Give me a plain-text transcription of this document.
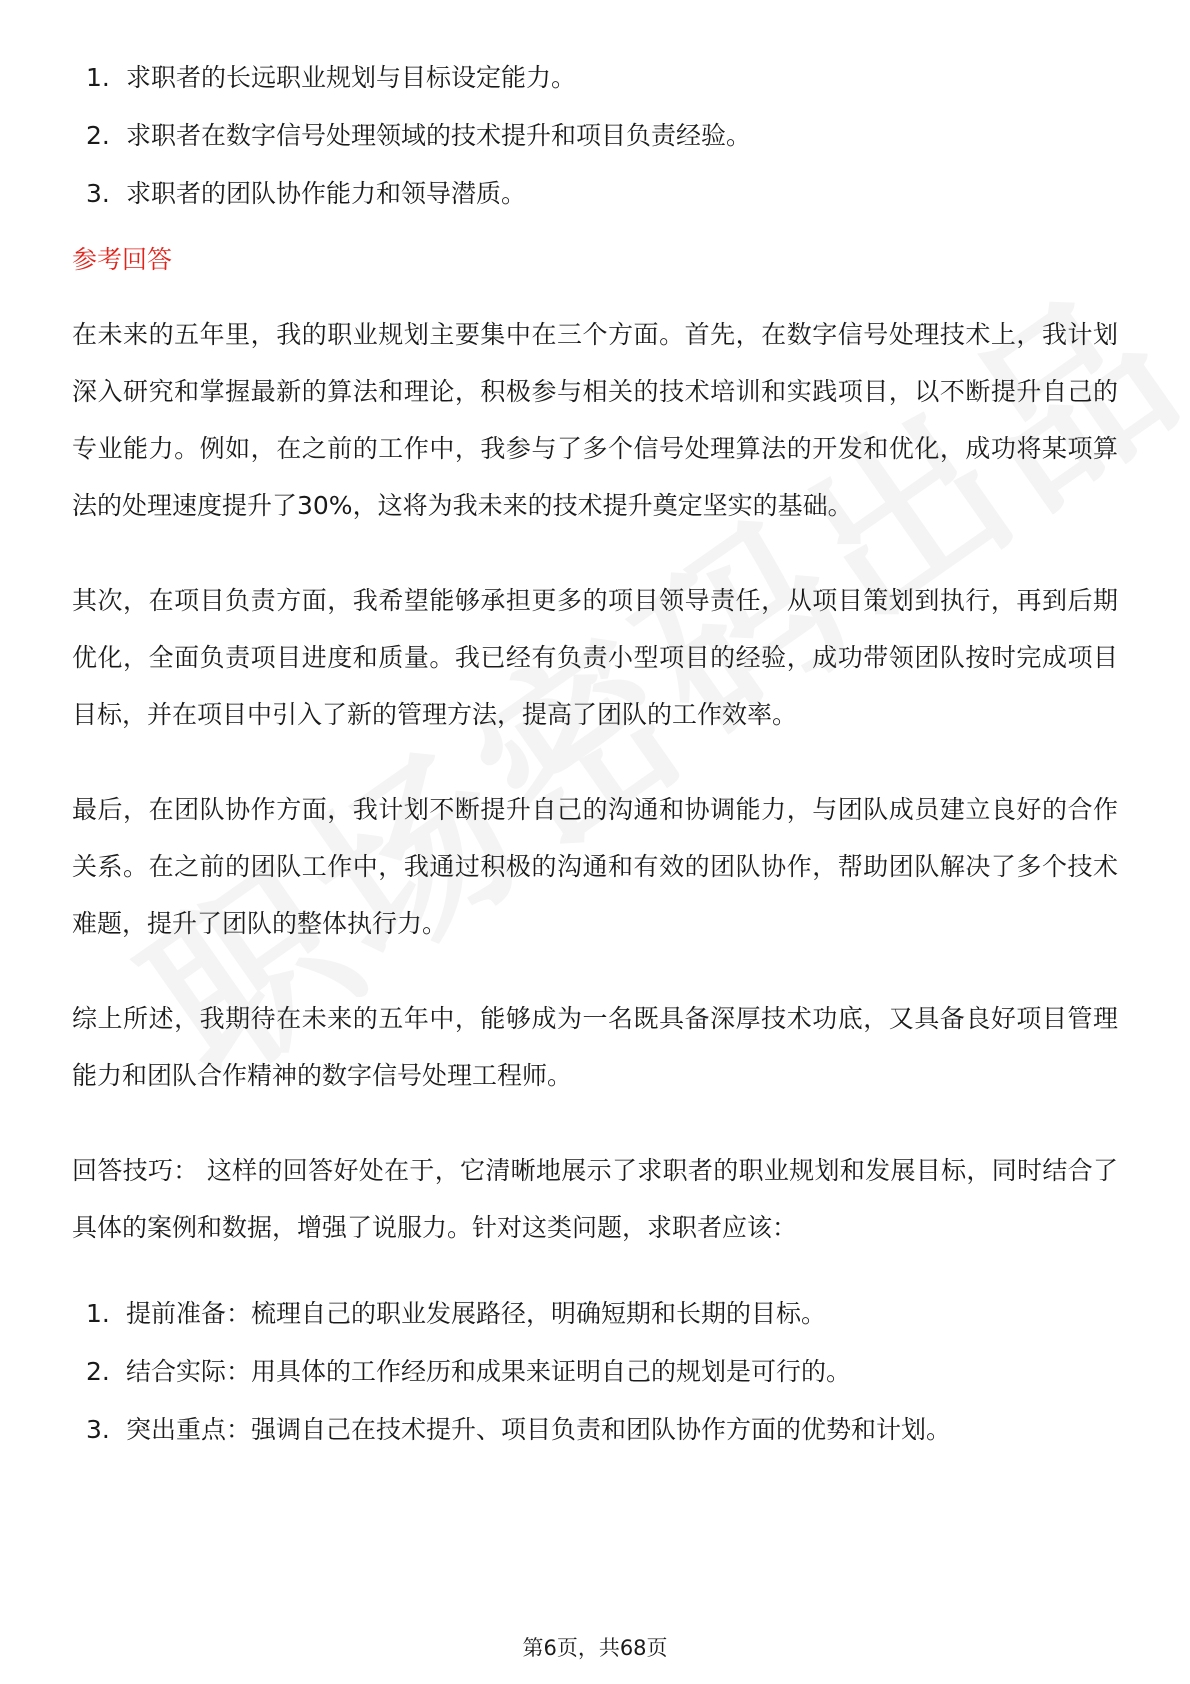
1. 求职者的长远职业规划与目标设定能力。
2. 求职者在数字信号处理领域的技术提升和项目负责经验。
3. 求职者的团队协作能力和领导潜质。
参考回答

在未来的五年里，我的职业规划主要集中在三个方面。首先，在数字信号处理技术上，我计划深入研究和掌握最新的算法和理论，积极参与相关的技术培训和实践项目，以不断提升自己的专业能力。例如，在之前的工作中，我参与了多个信号处理算法的开发和优化，成功将某项算法的处理速度提升了30%，这将为我未来的技术提升奠定坚实的基础。

其次，在项目负责方面，我希望能够承担更多的项目领导责任，从项目策划到执行，再到后期优化，全面负责项目进度和质量。我已经有负责小型项目的经验，成功带领团队按时完成项目目标，并在项目中引入了新的管理方法，提高了团队的工作效率。

最后，在团队协作方面，我计划不断提升自己的沟通和协调能力，与团队成员建立良好的合作关系。在之前的团队工作中，我通过积极的沟通和有效的团队协作，帮助团队解决了多个技术难题，提升了团队的整体执行力。

综上所述，我期待在未来的五年中，能够成为一名既具备深厚技术功底，又具备良好项目管理能力和团队合作精神的数字信号处理工程师。

回答技巧： 这样的回答好处在于，它清晰地展示了求职者的职业规划和发展目标，同时结合了具体的案例和数据，增强了说服力。针对这类问题，求职者应该：

1. 提前准备：梳理自己的职业发展路径，明确短期和长期的目标。
2. 结合实际：用具体的工作经历和成果来证明自己的规划是可行的。
3. 突出重点：强调自己在技术提升、项目负责和团队协作方面的优势和计划。
第6页，共68页
